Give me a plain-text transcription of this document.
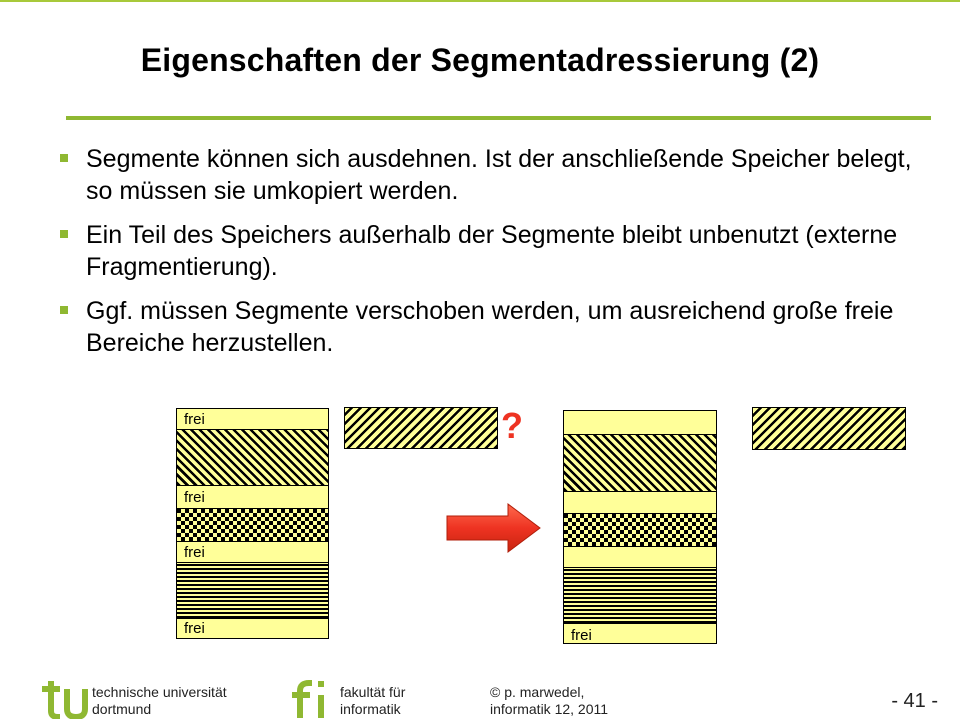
Eigenschaften der Segmentadressierung (2)
Segmente können sich ausdehnen. Ist der anschließende Speicher belegt, so müssen sie umkopiert werden.
Ein Teil des Speichers außerhalb der Segmente bleibt unbenutzt (externe Fragmentierung).
Ggf. müssen Segmente verschoben werden, um ausreichend große freie Bereiche herzustellen.
frei
frei
frei
frei
?
frei
technische universität
dortmund
fakultät für
informatik
© p. marwedel,
informatik 12, 2011	- 41 -
